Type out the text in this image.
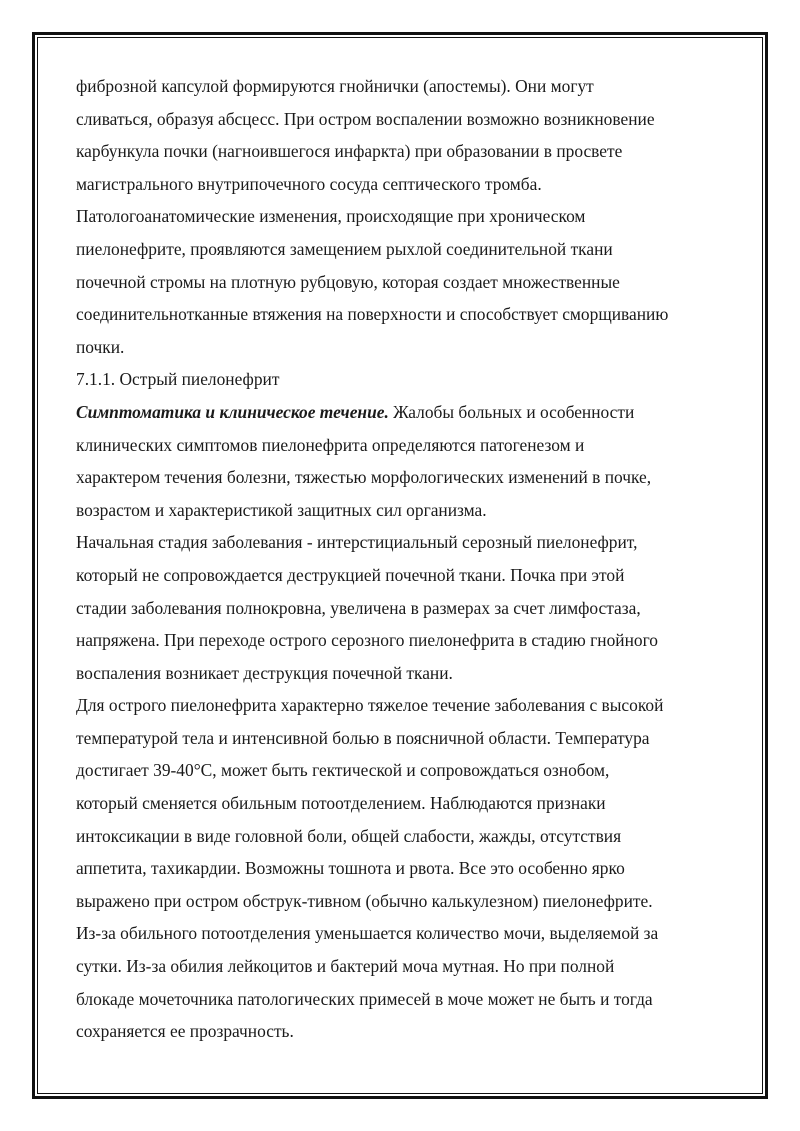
фиброзной капсулой формируются гнойнички (апостемы). Они могут
сливаться, образуя абсцесс. При остром воспалении возможно возникновение
карбункула почки (нагноившегося инфаркта) при образовании в просвете
магистрального внутрипочечного сосуда септического тромба.
Патологоанатомические изменения, происходящие при хроническом
пиелонефрите, проявляются замещением рыхлой соединительной ткани
почечной стромы на плотную рубцовую, которая создает множественные
соединительнотканные втяжения на поверхности и способствует сморщиванию
почки.
7.1.1. Острый пиелонефрит
Симптоматика и клиническое течение. Жалобы больных и особенности
клинических симптомов пиелонефрита определяются патогенезом и
характером течения болезни, тяжестью морфологических изменений в почке,
возрастом и характеристикой защитных сил организма.
Начальная стадия заболевания - интерстициальный серозный пиелонефрит,
который не сопровождается деструкцией почечной ткани. Почка при этой
стадии заболевания полнокровна, увеличена в размерах за счет лимфостаза,
напряжена. При переходе острого серозного пиелонефрита в стадию гнойного
воспаления возникает деструкция почечной ткани.
Для острого пиелонефрита характерно тяжелое течение заболевания с высокой
температурой тела и интенсивной болью в поясничной области. Температура
достигает 39-40°С, может быть гектической и сопровождаться ознобом,
который сменяется обильным потоотделением. Наблюдаются признаки
интоксикации в виде головной боли, общей слабости, жажды, отсутствия
аппетита, тахикардии. Возможны тошнота и рвота. Все это особенно ярко
выражено при остром обструк-тивном (обычно калькулезном) пиелонефрите.
Из-за обильного потоотделения уменьшается количество мочи, выделяемой за
сутки. Из-за обилия лейкоцитов и бактерий моча мутная. Но при полной
блокаде мочеточника патологических примесей в моче может не быть и тогда
сохраняется ее прозрачность.
